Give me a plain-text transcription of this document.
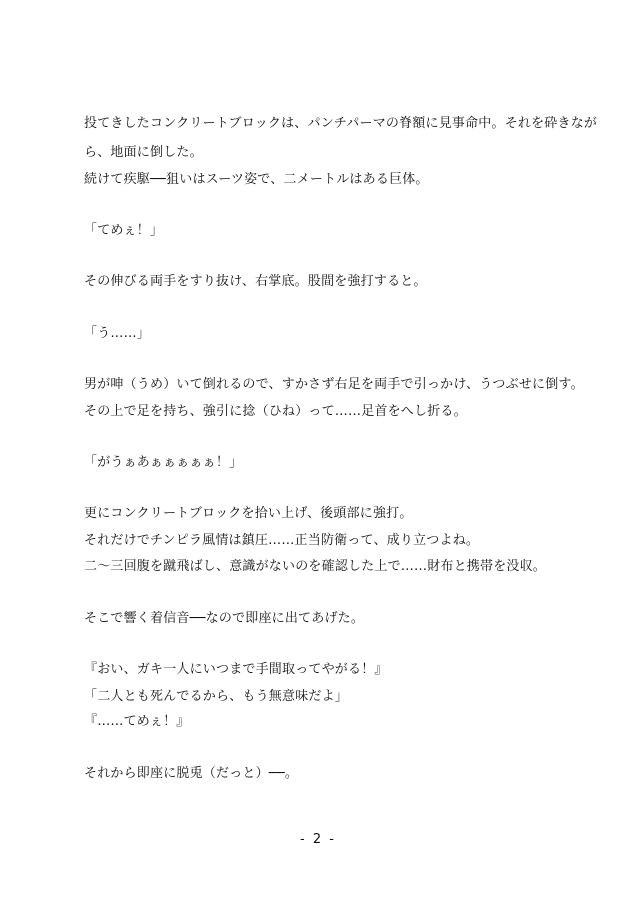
投てきしたコンクリートブロックは、パンチパーマの脊額に見事命中。それを砕きなが
ら、地面に倒した。
続けて疾駆──狙いはスーツ姿で、二メートルはある巨体。
「てめぇ！」
その伸びる両手をすり抜け、右掌底。股間を強打すると。
「う……」
男が呻（うめ）いて倒れるので、すかさず右足を両手で引っかけ、うつぶせに倒す。
その上で足を持ち、強引に捻（ひね）って……足首をへし折る。
「がうぁあぁぁぁぁぁ！」
更にコンクリートブロックを拾い上げ、後頭部に強打。
それだけでチンピラ風情は鎮圧……正当防衛って、成り立つよね。
二～三回腹を蹴飛ばし、意識がないのを確認した上で……財布と携帯を没収。
そこで響く着信音──なので即座に出てあげた。
『おい、ガキ一人にいつまで手間取ってやがる！』
「二人とも死んでるから、もう無意味だよ」
『……てめぇ！』
それから即座に脱兎（だっと）──。
- 2 -
